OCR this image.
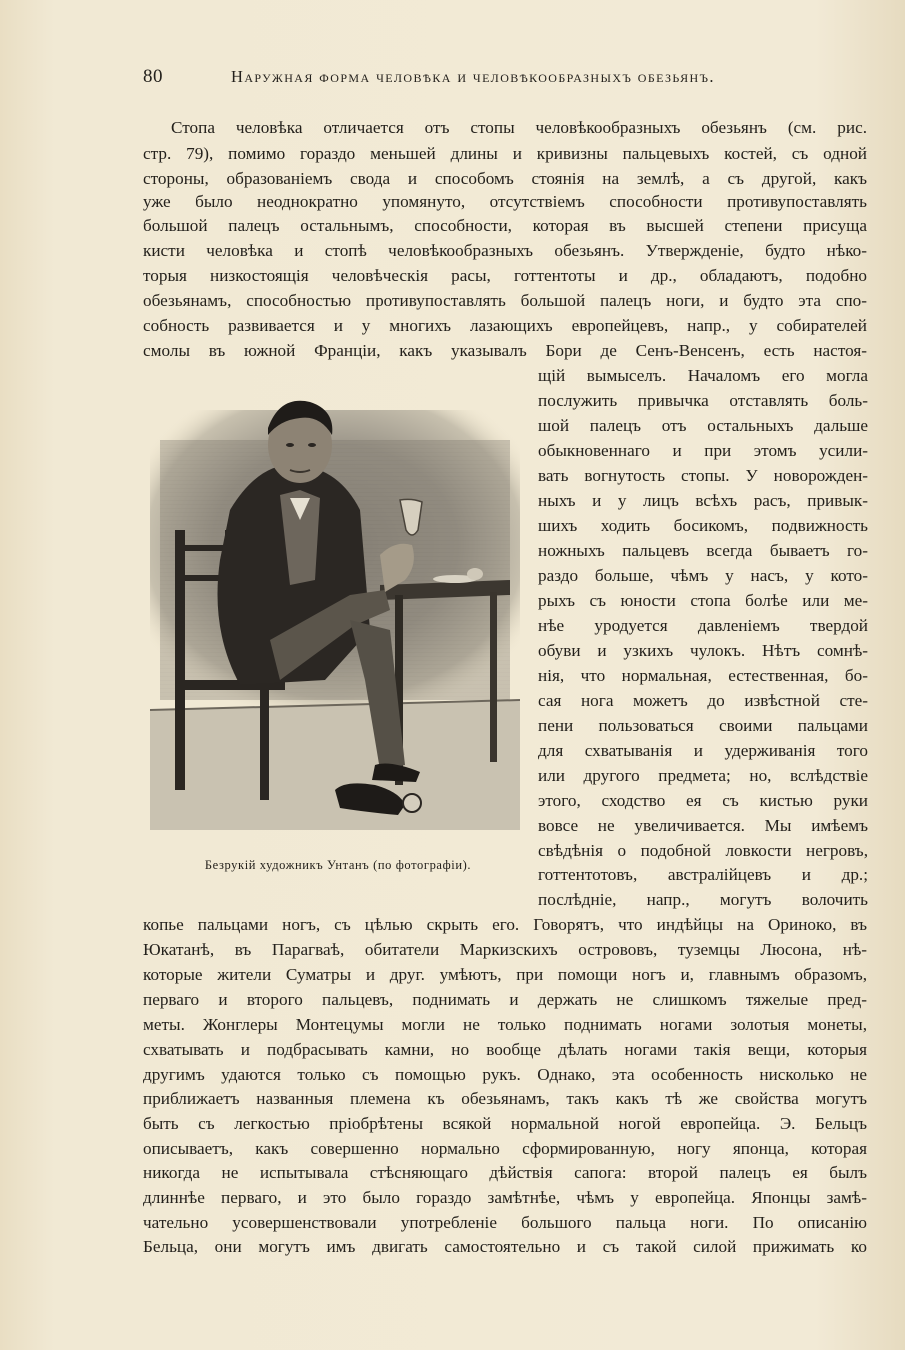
80	Наружная форма человѣка и человѣкообразныхъ обезьянъ.
Стопа человѣка отличается отъ стопы человѣкообразныхъ обезьянъ (см. рис.
стр. 79), помимо гораздо меньшей длины и кривизны пальцевыхъ костей, съ одной
стороны, образованіемъ свода и способомъ стоянія на землѣ, а съ другой, какъ
уже было неоднократно упомянуто, отсутствіемъ способности противупоставлять
большой палецъ остальнымъ, способности, которая въ высшей степени присуща
кисти человѣка и стопѣ человѣкообразныхъ обезьянъ. Утвержденіе, будто нѣко-
торыя низкостоящія человѣческія расы, готтентоты и др., обладаютъ, подобно
обезьянамъ, способностью противупоставлять большой палецъ ноги, и будто эта спо-
собность развивается и у многихъ лазающихъ европейцевъ, напр., у собирателей
смолы въ южной Франціи, какъ указывалъ Бори де Сенъ-Венсенъ, есть настоя-
щій вымыселъ. Началомъ его могла
послужить привычка отставлять боль-
шой палецъ отъ остальныхъ дальше
обыкновеннаго и при этомъ усили-
вать вогнутость стопы. У новорожден-
ныхъ и у лицъ всѣхъ расъ, привык-
шихъ ходить босикомъ, подвижность
ножныхъ пальцевъ всегда бываетъ го-
раздо больше, чѣмъ у насъ, у кото-
рыхъ съ юности стопа болѣе или ме-
нѣе уродуется давленіемъ твердой
обуви и узкихъ чулокъ. Нѣтъ сомнѣ-
нія, что нормальная, естественная, бо-
сая нога можетъ до извѣстной сте-
пени пользоваться своими пальцами
для схватыванія и удерживанія того
или другого предмета; но, вслѣдствіе
этого, сходство ея съ кистью руки
вовсе не увеличивается. Мы имѣемъ
свѣдѣнія о подобной ловкости негровъ,
готтентотовъ, австралійцевъ и др.;
послѣдніе, напр., могутъ волочить
Безрукій художникъ Унтанъ (по фотографіи).
копье пальцами ногъ, съ цѣлью скрыть его. Говорятъ, что индѣйцы на Ориноко, въ
Юкатанѣ, въ Парагваѣ, обитатели Маркизскихъ острововъ, туземцы Люсона, нѣ-
которые жители Суматры и друг. умѣютъ, при помощи ногъ и, главнымъ образомъ,
перваго и второго пальцевъ, поднимать и держать не слишкомъ тяжелые пред-
меты. Жонглеры Монтецумы могли не только поднимать ногами золотыя монеты,
схватывать и подбрасывать камни, но вообще дѣлать ногами такія вещи, которыя
другимъ удаются только съ помощью рукъ. Однако, эта особенность нисколько не
приближаетъ названныя племена къ обезьянамъ, такъ какъ тѣ же свойства могутъ
быть съ легкостью пріобрѣтены всякой нормальной ногой европейца. Э. Бельцъ
описываетъ, какъ совершенно нормально сформированную, ногу японца, которая
никогда не испытывала стѣсняющаго дѣйствія сапога: второй палецъ ея былъ
длиннѣе перваго, и это было гораздо замѣтнѣе, чѣмъ у европейца. Японцы замѣ-
чательно усовершенствовали употребленіе большого пальца ноги. По описанію
Бельца, они могутъ имъ двигать самостоятельно и съ такой силой прижимать ко
